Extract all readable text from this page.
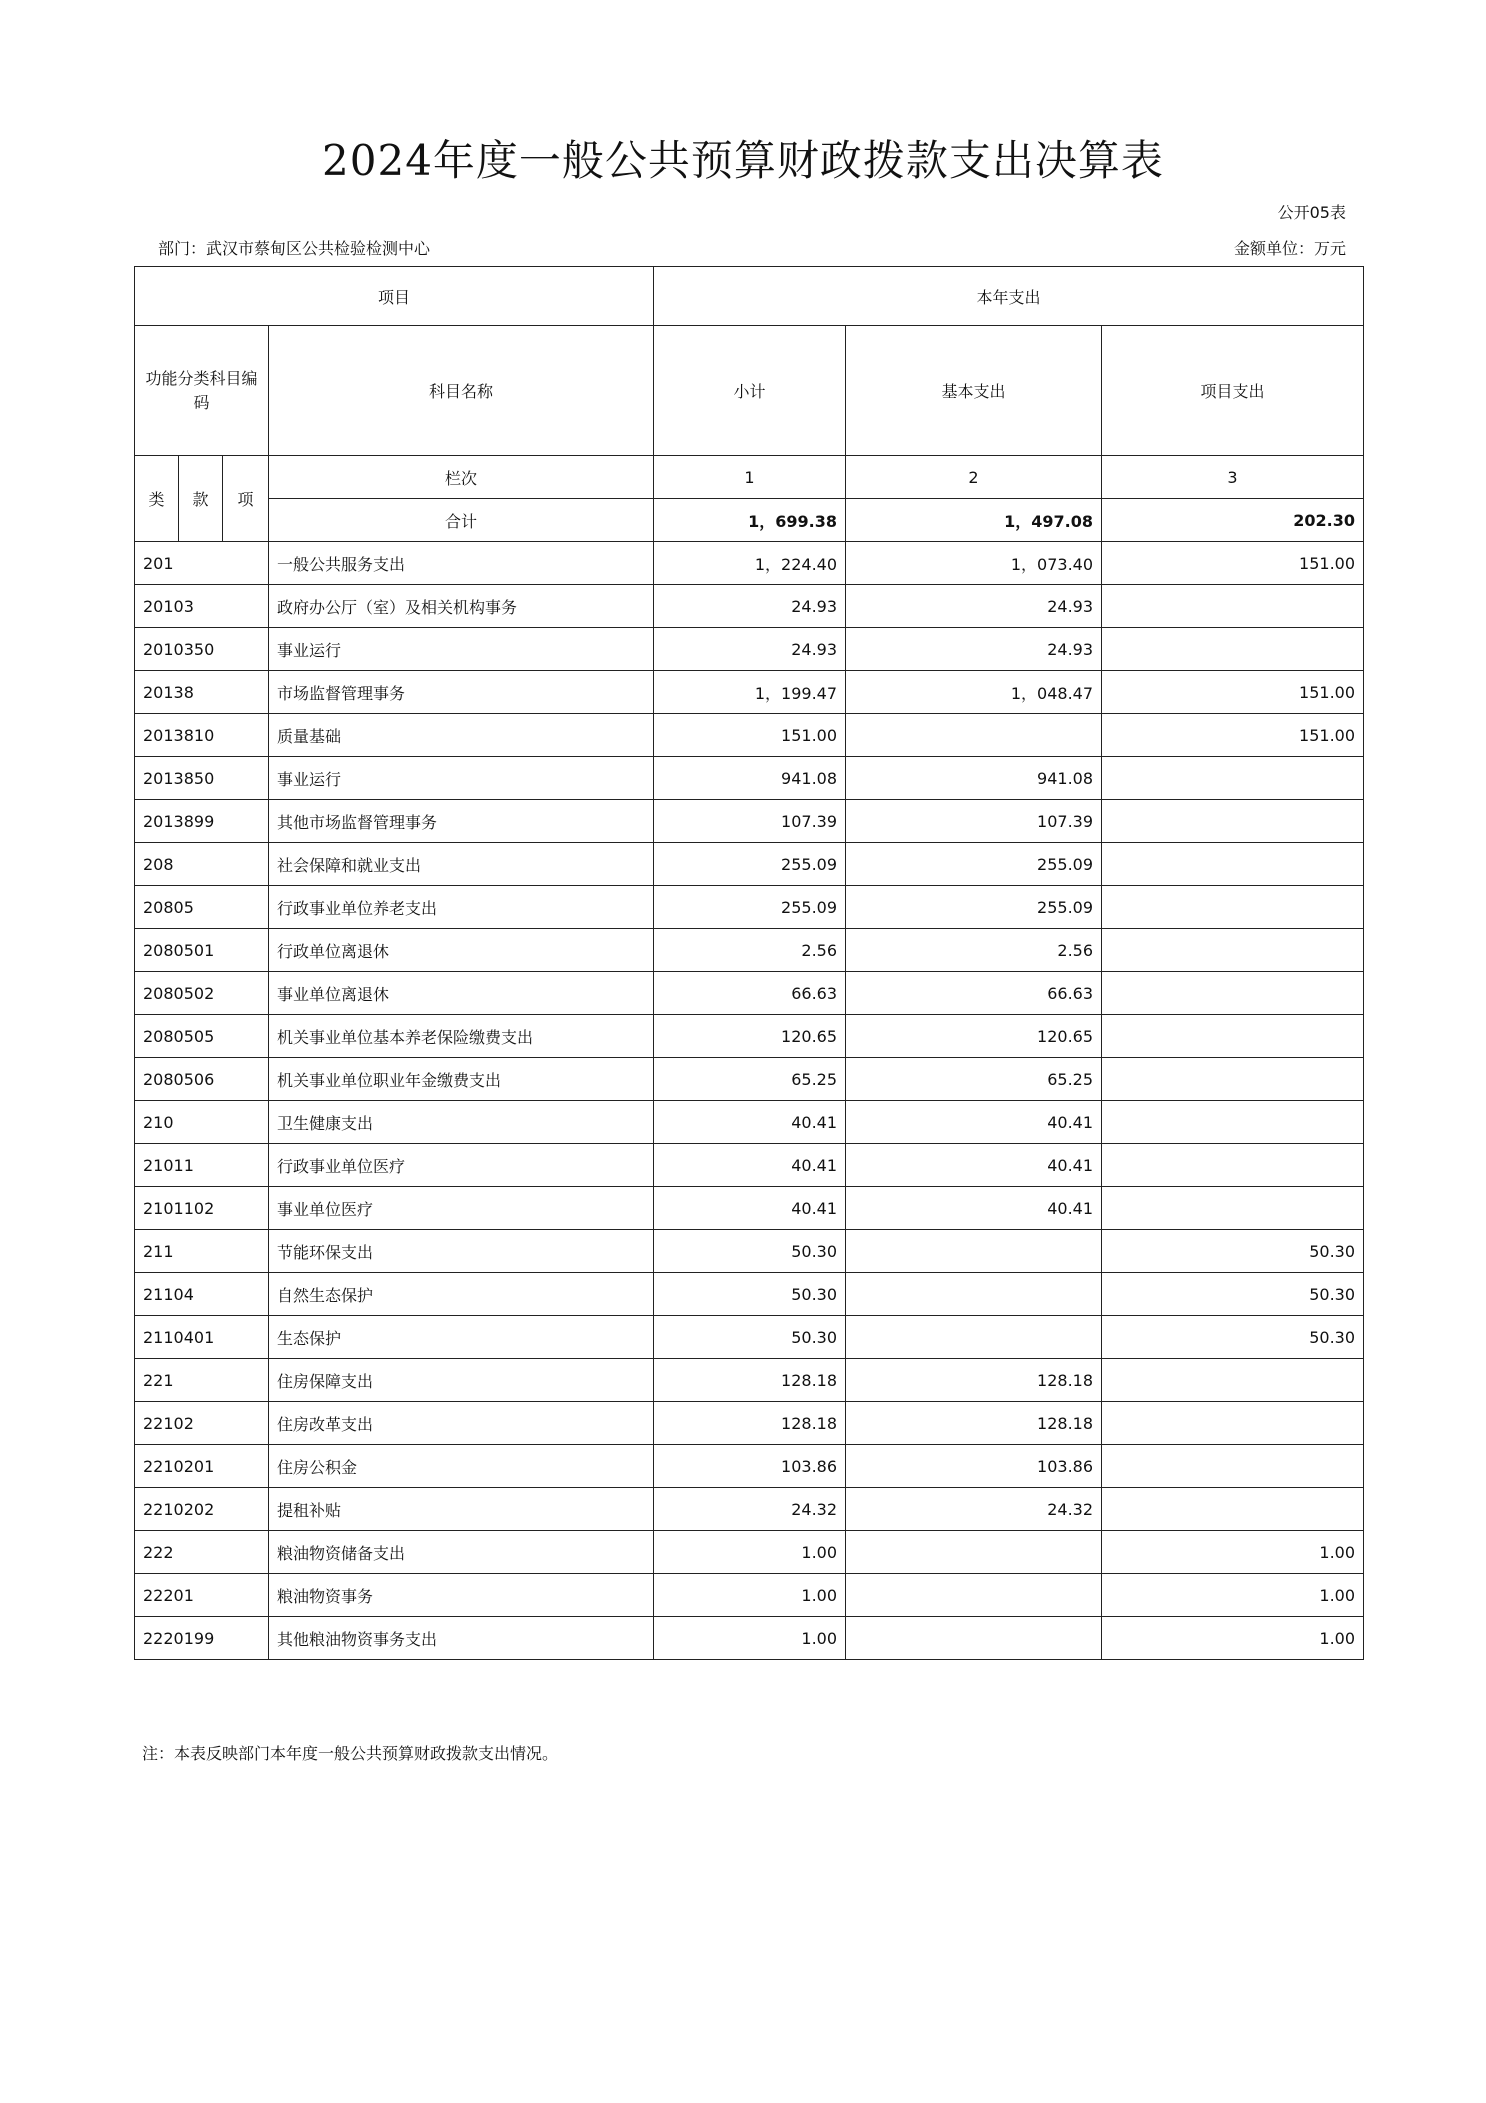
2024年度一般公共预算财政拨款支出决算表
公开05表
部门：武汉市蔡甸区公共检验检测中心	金额单位：万元
项目				本年支出		
功能分类科目编码			科目名称	小计	基本支出	项目支出
类	款	项	栏次	1	2	3
			合计	1，699.38	1，497.08	202.30
201			一般公共服务支出	1，224.40	1，073.40	151.00
20103			政府办公厅（室）及相关机构事务	24.93	24.93	
2010350			事业运行	24.93	24.93	
20138			市场监督管理事务	1，199.47	1，048.47	151.00
2013810			质量基础	151.00		151.00
2013850			事业运行	941.08	941.08	
2013899			其他市场监督管理事务	107.39	107.39	
208			社会保障和就业支出	255.09	255.09	
20805			行政事业单位养老支出	255.09	255.09	
2080501			行政单位离退休	2.56	2.56	
2080502			事业单位离退休	66.63	66.63	
2080505			机关事业单位基本养老保险缴费支出	120.65	120.65	
2080506			机关事业单位职业年金缴费支出	65.25	65.25	
210			卫生健康支出	40.41	40.41	
21011			行政事业单位医疗	40.41	40.41	
2101102			事业单位医疗	40.41	40.41	
211			节能环保支出	50.30		50.30
21104			自然生态保护	50.30		50.30
2110401			生态保护	50.30		50.30
221			住房保障支出	128.18	128.18	
22102			住房改革支出	128.18	128.18	
2210201			住房公积金	103.86	103.86	
2210202			提租补贴	24.32	24.32	
222			粮油物资储备支出	1.00		1.00
22201			粮油物资事务	1.00		1.00
2220199			其他粮油物资事务支出	1.00		1.00
注：本表反映部门本年度一般公共预算财政拨款支出情况。
